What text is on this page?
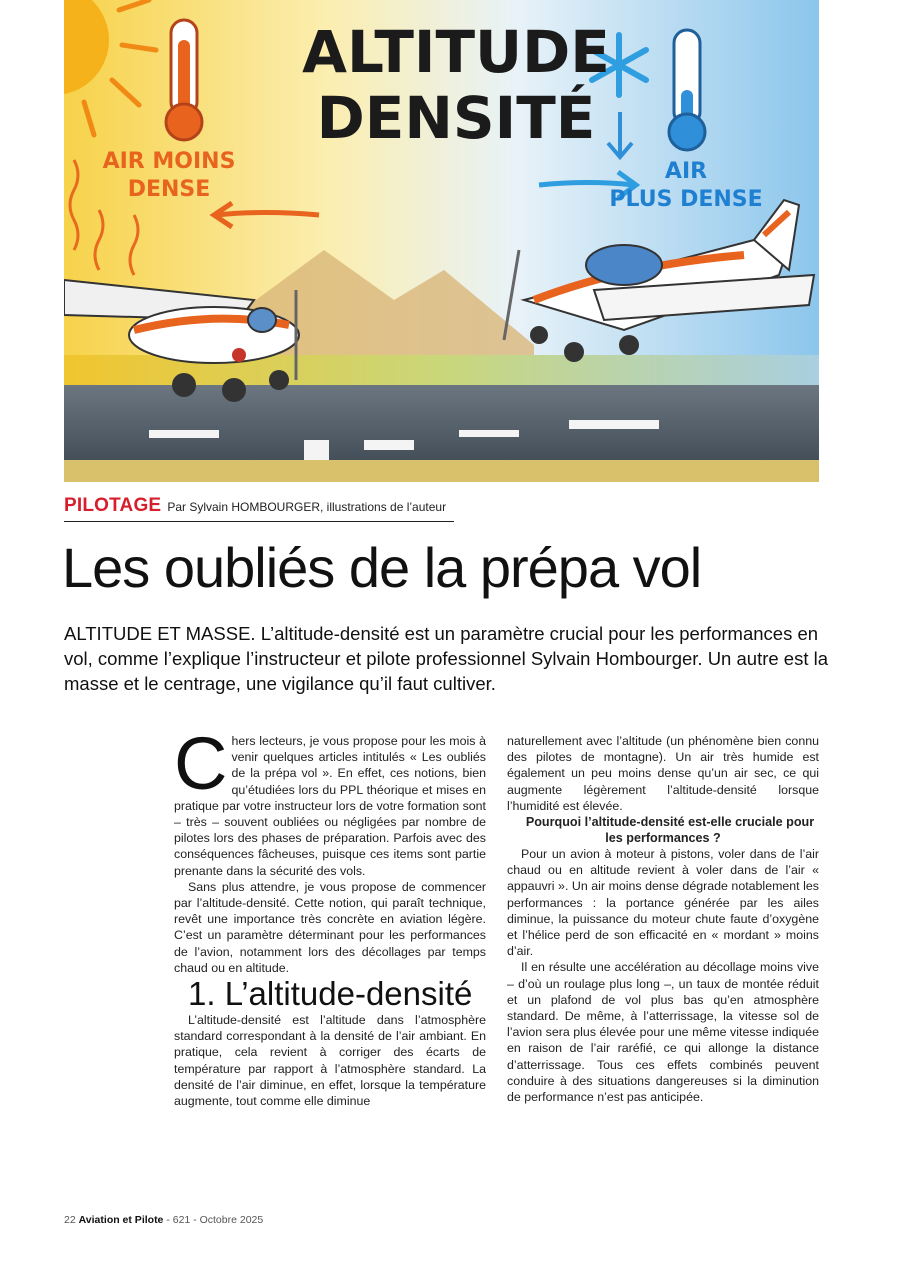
ALTITUDE
DENSITÉ
AIR MOINS
DENSE
AIR
PLUS DENSE
PILOTAGE Par Sylvain HOMBOURGER, illustrations de l’auteur
Les oubliés de la prépa vol

ALTITUDE ET MASSE. L’altitude-densité est un paramètre crucial pour les performances en vol, comme l’explique l’instructeur et pilote professionnel Sylvain Hombourger. Un autre est la masse et le centrage, une vigilance qu’il faut cultiver.

Chers lecteurs, je vous propose pour les mois à venir quelques articles intitulés « Les oubliés de la prépa vol ». En effet, ces notions, bien qu’étudiées lors du PPL théorique et mises en pratique par votre instructeur lors de votre formation sont – très – souvent oubliées ou négligées par nombre de pilotes lors des phases de préparation. Parfois avec des conséquences fâcheuses, puisque ces items sont partie prenante dans la sécurité des vols.

Sans plus attendre, je vous propose de commencer par l’altitude-densité. Cette notion, qui paraît technique, revêt une importance très concrète en aviation légère. C’est un paramètre déterminant pour les performances de l’avion, notamment lors des décollages par temps chaud ou en altitude.

1. L’altitude-densité

L’altitude-densité est l’altitude dans l’atmosphère standard correspondant à la densité de l’air ambiant. En pratique, cela revient à corriger des écarts de température par rapport à l’atmosphère standard. La densité de l’air diminue, en effet, lorsque la température augmente, tout comme elle diminue

naturellement avec l’altitude (un phénomène bien connu des pilotes de montagne). Un air très humide est également un peu moins dense qu’un air sec, ce qui augmente légèrement l’altitude-densité lorsque l’humidité est élevée.

Pourquoi l’altitude-densité est-elle cruciale pour les performances ?

Pour un avion à moteur à pistons, voler dans de l’air chaud ou en altitude revient à voler dans de l’air « appauvri ». Un air moins dense dégrade notablement les performances : la portance générée par les ailes diminue, la puissance du moteur chute faute d’oxygène et l’hélice perd de son efficacité en « mordant » moins d’air.

Il en résulte une accélération au décollage moins vive – d’où un roulage plus long –, un taux de montée réduit et un plafond de vol plus bas qu’en atmosphère standard. De même, à l’atterrissage, la vitesse sol de l’avion sera plus élevée pour une même vitesse indiquée en raison de l’air raréfié, ce qui allonge la distance d’atterrissage. Tous ces effets combinés peuvent conduire à des situations dangereuses si la diminution de performance n’est pas anticipée.

22 Aviation et Pilote - 621 - Octobre 2025
